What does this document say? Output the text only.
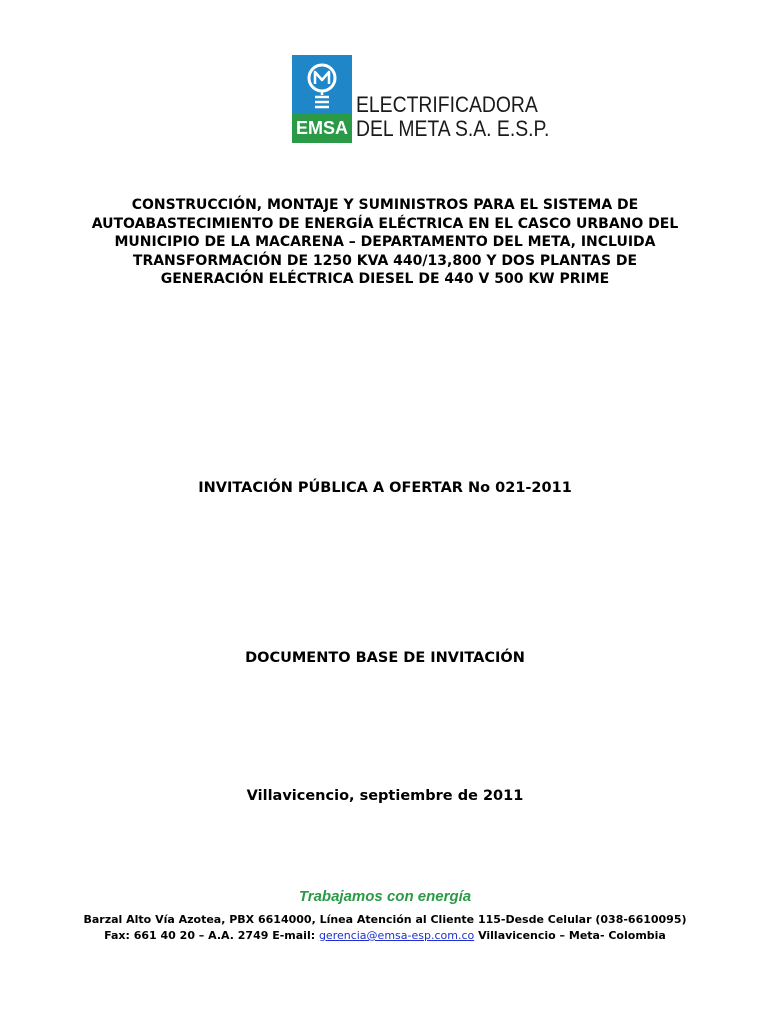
EMSA
ELECTRIFICADORA
DEL META S.A. E.S.P.
CONSTRUCCIÓN, MONTAJE Y SUMINISTROS PARA EL SISTEMA DE
AUTOABASTECIMIENTO DE ENERGÍA ELÉCTRICA EN EL CASCO URBANO DEL
MUNICIPIO DE LA MACARENA – DEPARTAMENTO DEL META, INCLUIDA
TRANSFORMACIÓN DE 1250 KVA 440/13,800 Y DOS PLANTAS DE
GENERACIÓN ELÉCTRICA DIESEL DE 440 V 500 KW PRIME
INVITACIÓN PÚBLICA A OFERTAR No 021-2011
DOCUMENTO BASE DE INVITACIÓN
Villavicencio, septiembre de 2011
Trabajamos con energía
Barzal Alto Vía Azotea, PBX 6614000, Línea Atención al Cliente 115-Desde Celular (038-6610095)
Fax: 661 40 20 – A.A. 2749 E-mail: gerencia@emsa-esp.com.co Villavicencio – Meta- Colombia
